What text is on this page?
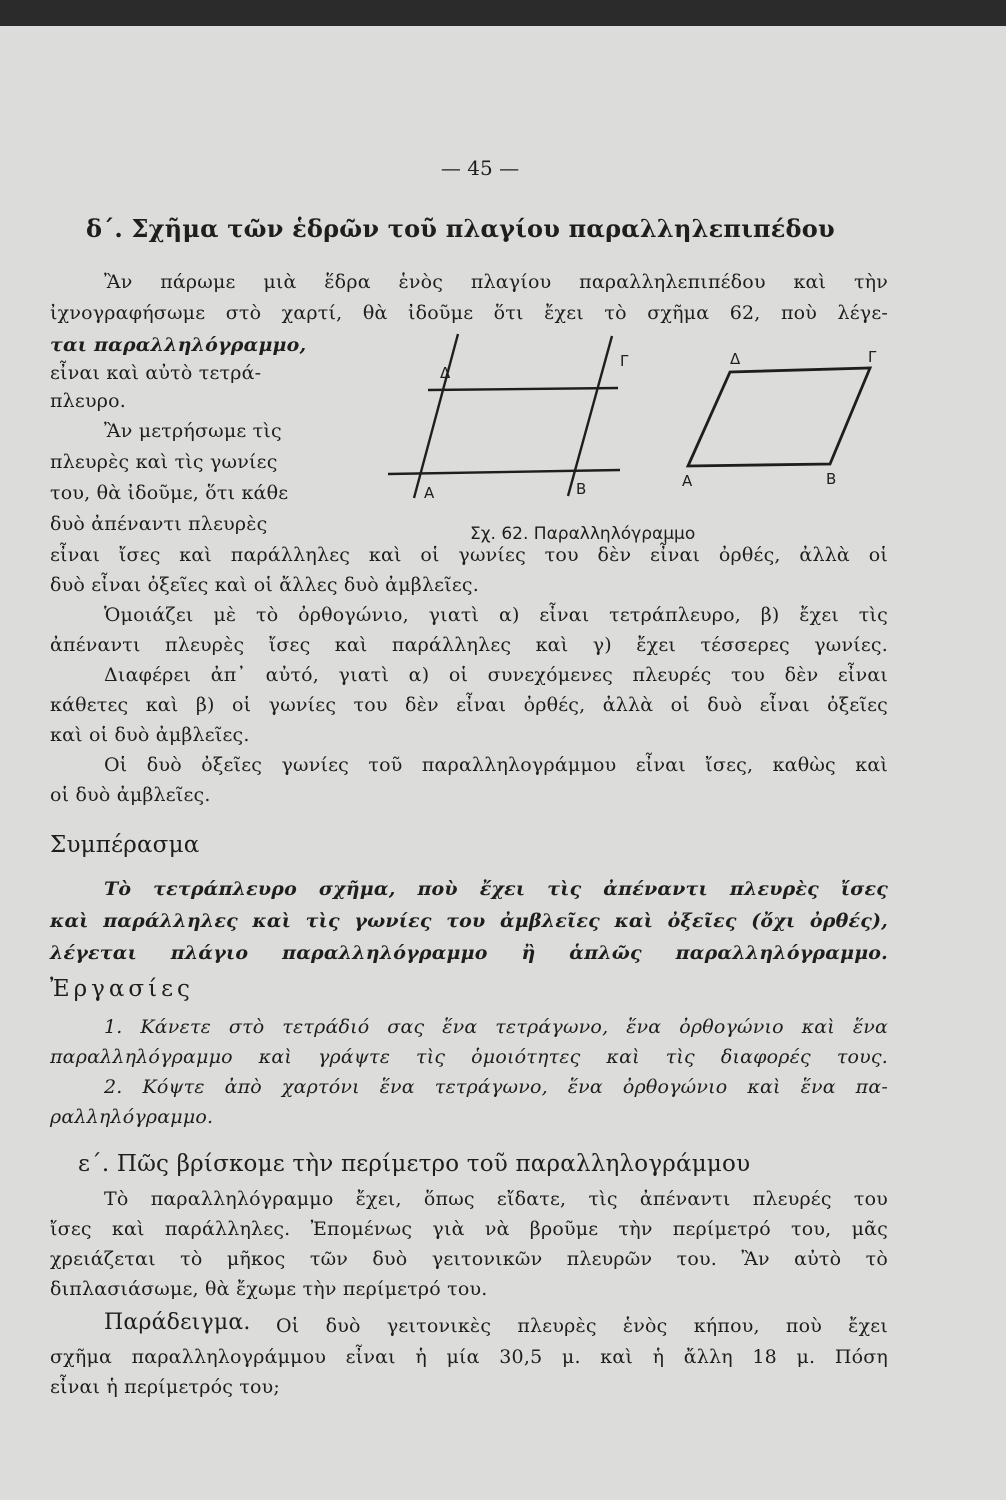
— 45 —
δ΄. Σχῆμα τῶν ἑδρῶν τοῦ πλαγίου παραλληλεπιπέδου
Ἂν πάρωμε μιὰ ἕδρα ἑνὸς πλαγίου παραλληλεπιπέδου καὶ τὴν
ἰχνογραφήσωμε στὸ χαρτί, θὰ ἰδοῦμε ὅτι ἔχει τὸ σχῆμα 62, ποὺ λέγε-
ται παραλληλόγραμμο,
εἶναι καὶ αὐτὸ τετρά-
πλευρο.
Ἂν μετρήσωμε τὶς
πλευρὲς καὶ τὶς γωνίες
του, θὰ ἰδοῦμε, ὅτι κάθε
δυὸ ἀπέναντι πλευρὲς
Δ
Γ
Α	Β
Δ	Γ
Α	Β
Σχ. 62. Παραλληλόγραμμο
εἶναι ἴσες καὶ παράλληλες καὶ οἱ γωνίες του δὲν εἶναι ὀρθές, ἀλλὰ οἱ
δυὸ εἶναι ὀξεῖες καὶ οἱ ἄλλες δυὸ ἀμβλεῖες.
Ὁμοιάζει μὲ τὸ ὀρθογώνιο, γιατὶ α) εἶναι τετράπλευρο, β) ἔχει τὶς
ἀπέναντι πλευρὲς ἴσες καὶ παράλληλες καὶ γ) ἔχει τέσσερες γωνίες.
Διαφέρει ἀπ᾿ αὐτό, γιατὶ α) οἱ συνεχόμενες πλευρές του δὲν εἶναι
κάθετες καὶ β) οἱ γωνίες του δὲν εἶναι ὀρθές, ἀλλὰ οἱ δυὸ εἶναι ὀξεῖες
καὶ οἱ δυὸ ἀμβλεῖες.
Οἱ δυὸ ὀξεῖες γωνίες τοῦ παραλληλογράμμου εἶναι ἴσες, καθὼς καὶ
οἱ δυὸ ἀμβλεῖες.
Συμπέρασμα
Τὸ τετράπλευρο σχῆμα, ποὺ ἔχει τὶς ἀπέναντι πλευρὲς ἴσες
καὶ παράλληλες καὶ τὶς γωνίες του ἀμβλεῖες καὶ ὀξεῖες (ὄχι ὀρθές),
λέγεται πλάγιο παραλληλόγραμμο ἢ ἁπλῶς παραλληλόγραμμο.
Ἐργασίες
1. Κάνετε στὸ τετράδιό σας ἕνα τετράγωνο, ἕνα ὀρθογώνιο καὶ ἕνα
παραλληλόγραμμο καὶ γράψτε τὶς ὁμοιότητες καὶ τὶς διαφορές τους.
2. Κόψτε ἀπὸ χαρτόνι ἕνα τετράγωνο, ἕνα ὀρθογώνιο καὶ ἕνα πα-
ραλληλόγραμμο.
ε΄. Πῶς βρίσκομε τὴν περίμετρο τοῦ παραλληλογράμμου
Τὸ παραλληλόγραμμο ἔχει, ὅπως εἴδατε, τὶς ἀπέναντι πλευρές του
ἴσες καὶ παράλληλες. Ἐπομένως γιὰ νὰ βροῦμε τὴν περίμετρό του, μᾶς
χρειάζεται τὸ μῆκος τῶν δυὸ γειτονικῶν πλευρῶν του. Ἂν αὐτὸ τὸ
διπλασιάσωμε, θὰ ἔχωμε τὴν περίμετρό του.
Παράδειγμα.	Οἱ δυὸ γειτονικὲς πλευρὲς ἑνὸς κήπου, ποὺ ἔχει
σχῆμα παραλληλογράμμου εἶναι ἡ μία 30,5 μ. καὶ ἡ ἄλλη 18 μ. Πόση
εἶναι ἡ περίμετρός του;
